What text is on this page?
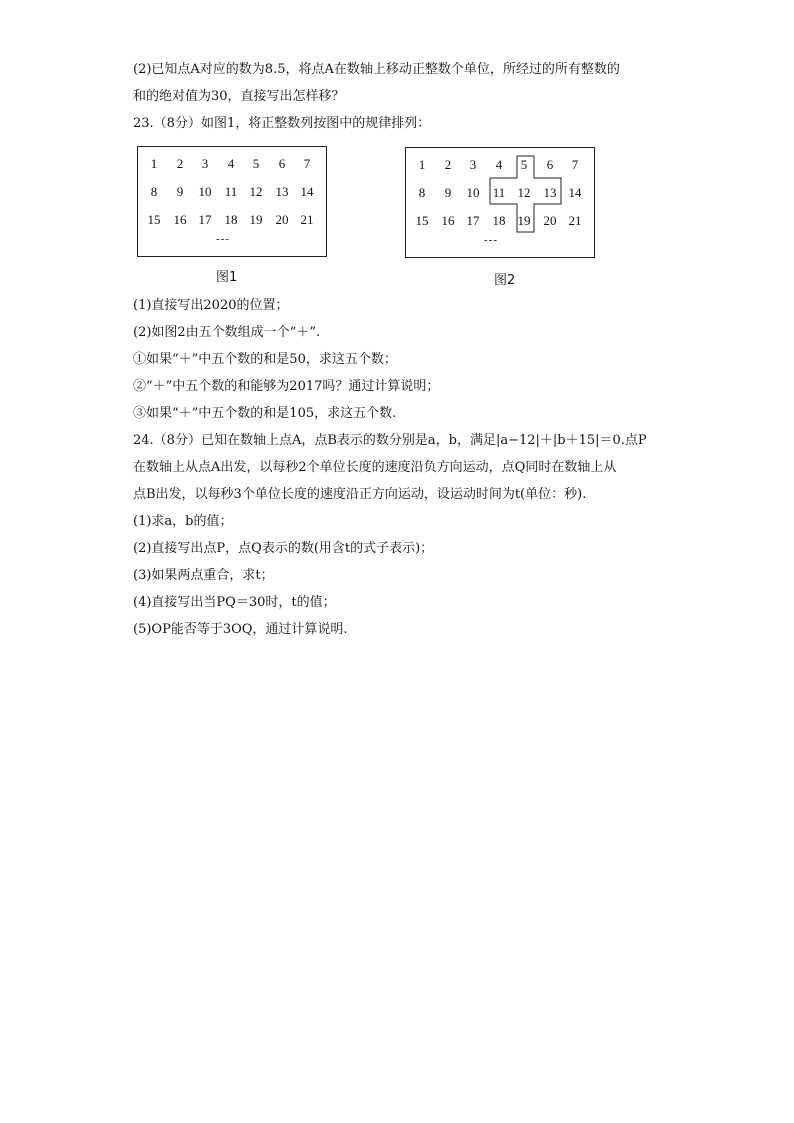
(2)已知点A对应的数为8.5，将点A在数轴上移动正整数个单位，所经过的所有整数的
和的绝对值为30，直接写出怎样移？
23.（8分）如图1，将正整数列按图中的规律排列：
1	2	3	4	5	6	7
8	9	10	11 12	13 14
15	16 17	18 19	20 21
---
图1
1	2	3	4	5	6	7
8	9	10	11 12	13 14
15	16 17	18 19	20 21
---
图2
(1)直接写出2020的位置；
(2)如图2由五个数组成一个“＋”.
①如果“＋”中五个数的和是50，求这五个数；
②“＋”中五个数的和能够为2017吗？通过计算说明；
③如果“＋”中五个数的和是105，求这五个数.
24.（8分）已知在数轴上点A，点B表示的数分别是a，b，满足|a−12|＋|b＋15|＝0.点P
在数轴上从点A出发，以每秒2个单位长度的速度沿负方向运动，点Q同时在数轴上从
点B出发，以每秒3个单位长度的速度沿正方向运动，设运动时间为t(单位：秒).
(1)求a，b的值；
(2)直接写出点P，点Q表示的数(用含t的式子表示)；
(3)如果两点重合，求t；
(4)直接写出当PQ＝30时，t的值；
(5)OP能否等于3OQ，通过计算说明.
